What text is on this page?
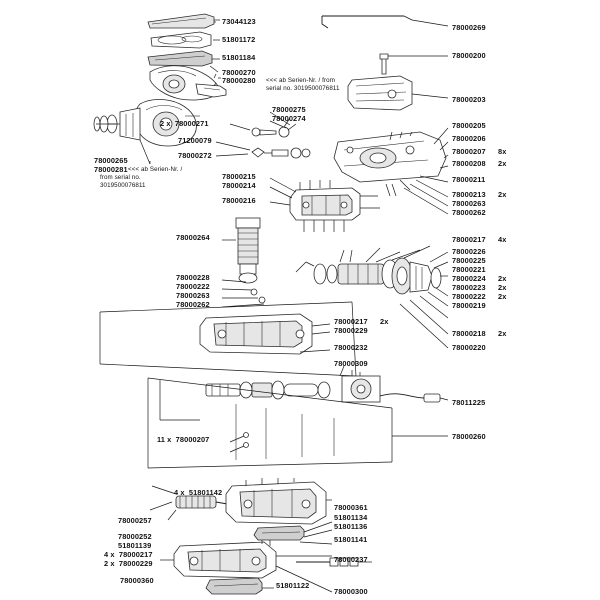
73044123
51801172
51801184
78000270
78000280 <<< ab Serien-Nr. / from
serial no. 3019500076811
78000275
78000274
2 x  78000271
71200079
78000272
78000265
78000281 <<< ab Serien-Nr. /
from serial no.
3019500076811
78000215
78000214
78000216
78000264
78000228
78000222
78000263
78000262
78000269
78000200
78000203
78000205
78000206
78000207
78000208
78000211
78000213
78000263
78000262
78000217
78000226
78000225
78000221
78000224
78000223
78000222
78000219
78000218
78000220
78000217
78000229
78000232
78000309
78011225
78000260
11 x  78000207
4 x  51801142
78000257
78000361
51801134
51801136
51801141
78000252
51801139
4 x  78000217
2 x  78000229	78000237
78000360
78000300
51801122
8x
2x
2x
4x
2x
2x
2x
2x
2x
